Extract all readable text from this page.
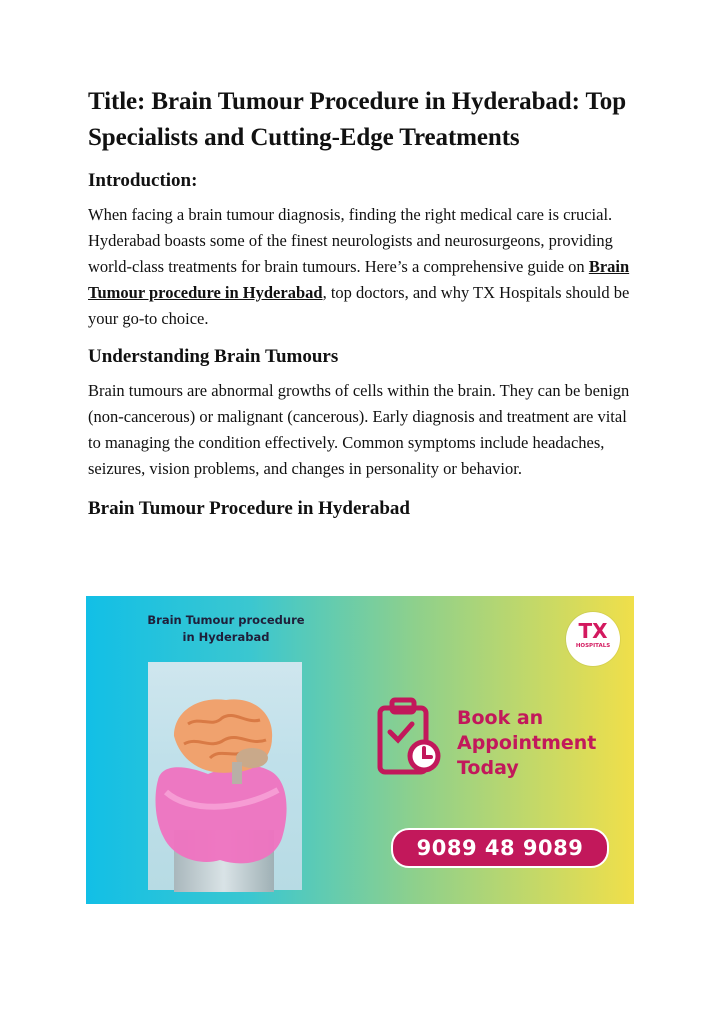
Title: Brain Tumour Procedure in Hyderabad: Top Specialists and Cutting-Edge Treatments
Introduction:

When facing a brain tumour diagnosis, finding the right medical care is crucial. Hyderabad boasts some of the finest neurologists and neurosurgeons, providing world-class treatments for brain tumours. Here’s a comprehensive guide on Brain Tumour procedure in Hyderabad, top doctors, and why TX Hospitals should be your go-to choice.

Understanding Brain Tumours

Brain tumours are abnormal growths of cells within the brain. They can be benign (non-cancerous) or malignant (cancerous). Early diagnosis and treatment are vital to managing the condition effectively. Common symptoms include headaches, seizures, vision problems, and changes in personality or behavior.

Brain Tumour Procedure in Hyderabad
Brain Tumour procedure in Hyderabad	TX
HOSPITALS
Book an
Appointment
Today
9089 48 9089
